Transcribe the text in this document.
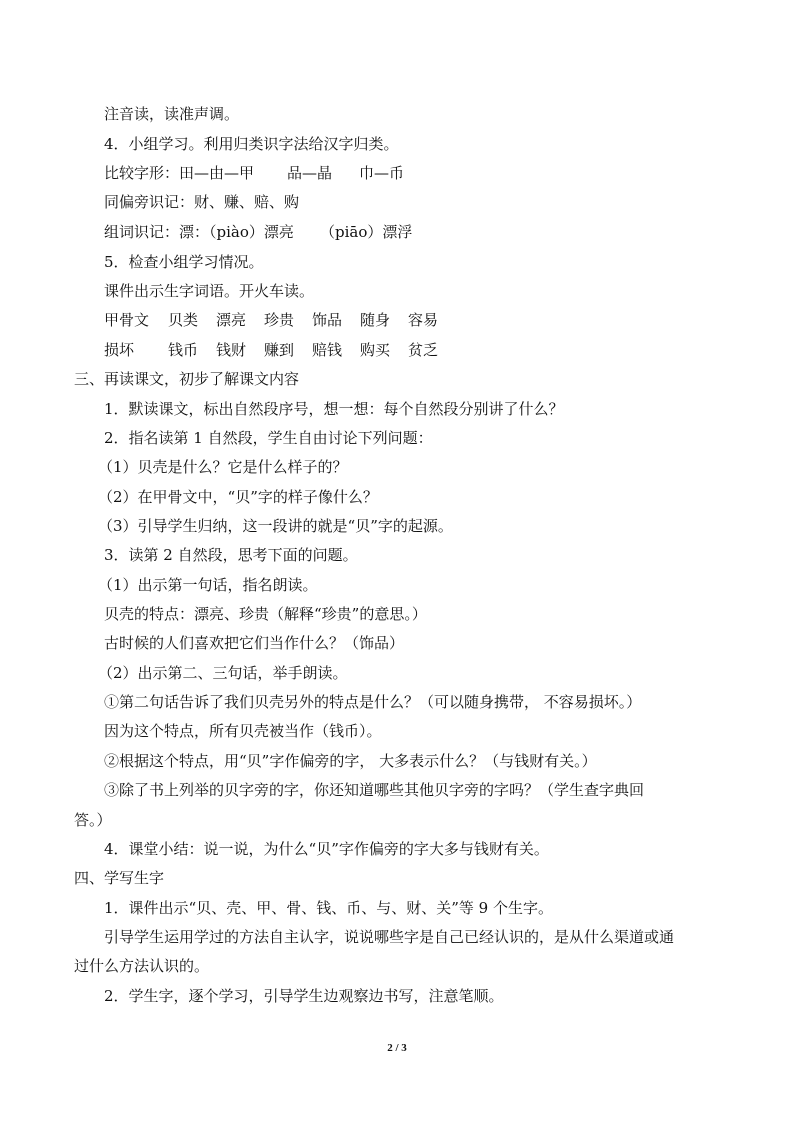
注音读，读准声调。
4．小组学习。利用归类识字法给汉字归类。
比较字形：田—由—甲 品—晶 巾—币
同偏旁识记：财、赚、赔、购
组词识记：漂：（piào）漂亮 （piāo）漂浮
5．检查小组学习情况。
课件出示生字词语。开火车读。
甲骨文 贝类 漂亮 珍贵 饰品 随身 容易
损坏 钱币 钱财 赚到 赔钱 购买 贫乏
三、再读课文，初步了解课文内容
1．默读课文，标出自然段序号，想一想：每个自然段分别讲了什么？
2．指名读第 1 自然段，学生自由讨论下列问题：
（1）贝壳是什么？它是什么样子的？
（2）在甲骨文中，“贝”字的样子像什么？
（3）引导学生归纳，这一段讲的就是“贝”字的起源。
3．读第 2 自然段，思考下面的问题。
（1）出示第一句话，指名朗读。
贝壳的特点：漂亮、珍贵（解释“珍贵”的意思。）
古时候的人们喜欢把它们当作什么？（饰品）
（2）出示第二、三句话，举手朗读。
①第二句话告诉了我们贝壳另外的特点是什么？（可以随身携带， 不容易损坏。）
因为这个特点，所有贝壳被当作（钱币）。
②根据这个特点，用“贝”字作偏旁的字， 大多表示什么？（与钱财有关。）
③除了书上列举的贝字旁的字，你还知道哪些其他贝字旁的字吗？（学生查字典回
答。）
4．课堂小结：说一说，为什么“贝”字作偏旁的字大多与钱财有关。
四、学写生字
1．课件出示“贝、壳、甲、骨、钱、币、与、财、关”等 9 个生字。
引导学生运用学过的方法自主认字，说说哪些字是自己已经认识的，是从什么渠道或通
过什么方法认识的。
2．学生字，逐个学习，引导学生边观察边书写，注意笔顺。
2 / 3
